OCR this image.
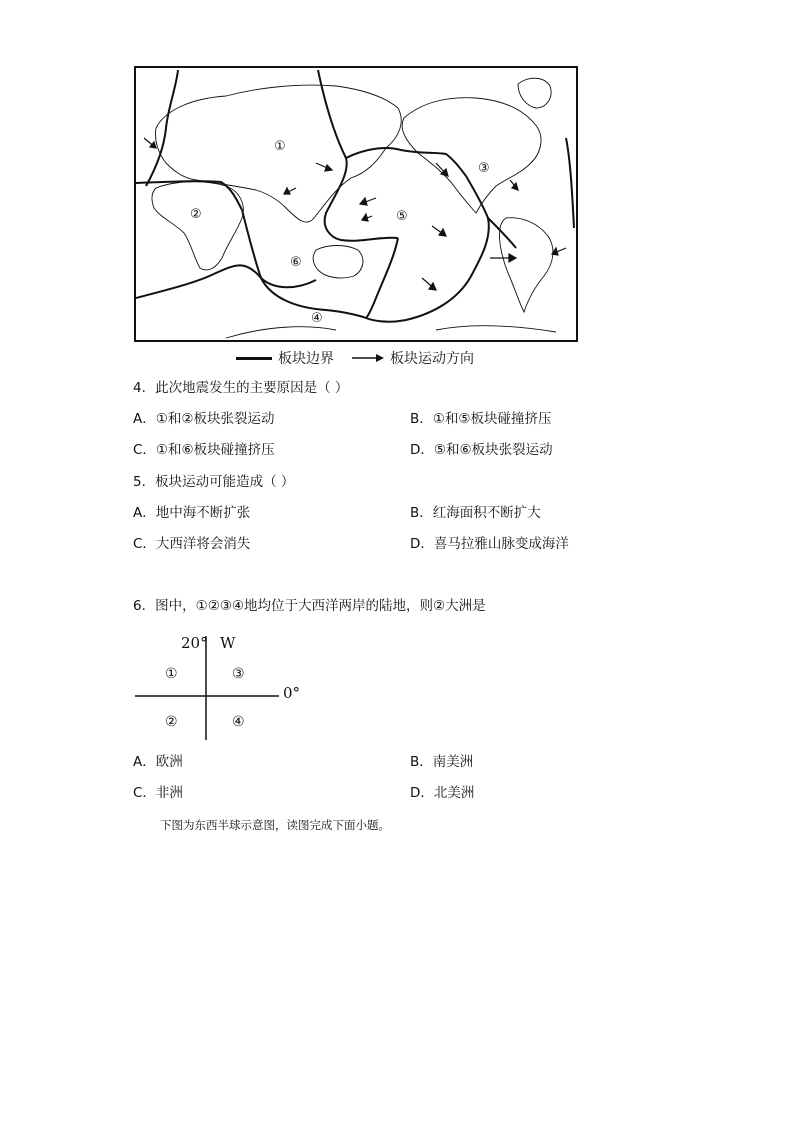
①
②
③
④
⑤
⑥
板块边界	板块运动方向
4．此次地震发生的主要原因是（ ）
A．①和②板块张裂运动	B．①和⑤板块碰撞挤压
C．①和⑥板块碰撞挤压	D．⑤和⑥板块张裂运动
5．板块运动可能造成（ ）
A．地中海不断扩张	B．红海面积不断扩大
C．大西洋将会消失	D．喜马拉雅山脉变成海洋
6．图中，①②③④地均位于大西洋两岸的陆地，则②大洲是
20° W
0°
①	③
②	④
A．欧洲	B．南美洲
C．非洲	D．北美洲
下图为东西半球示意图，读图完成下面小题。
